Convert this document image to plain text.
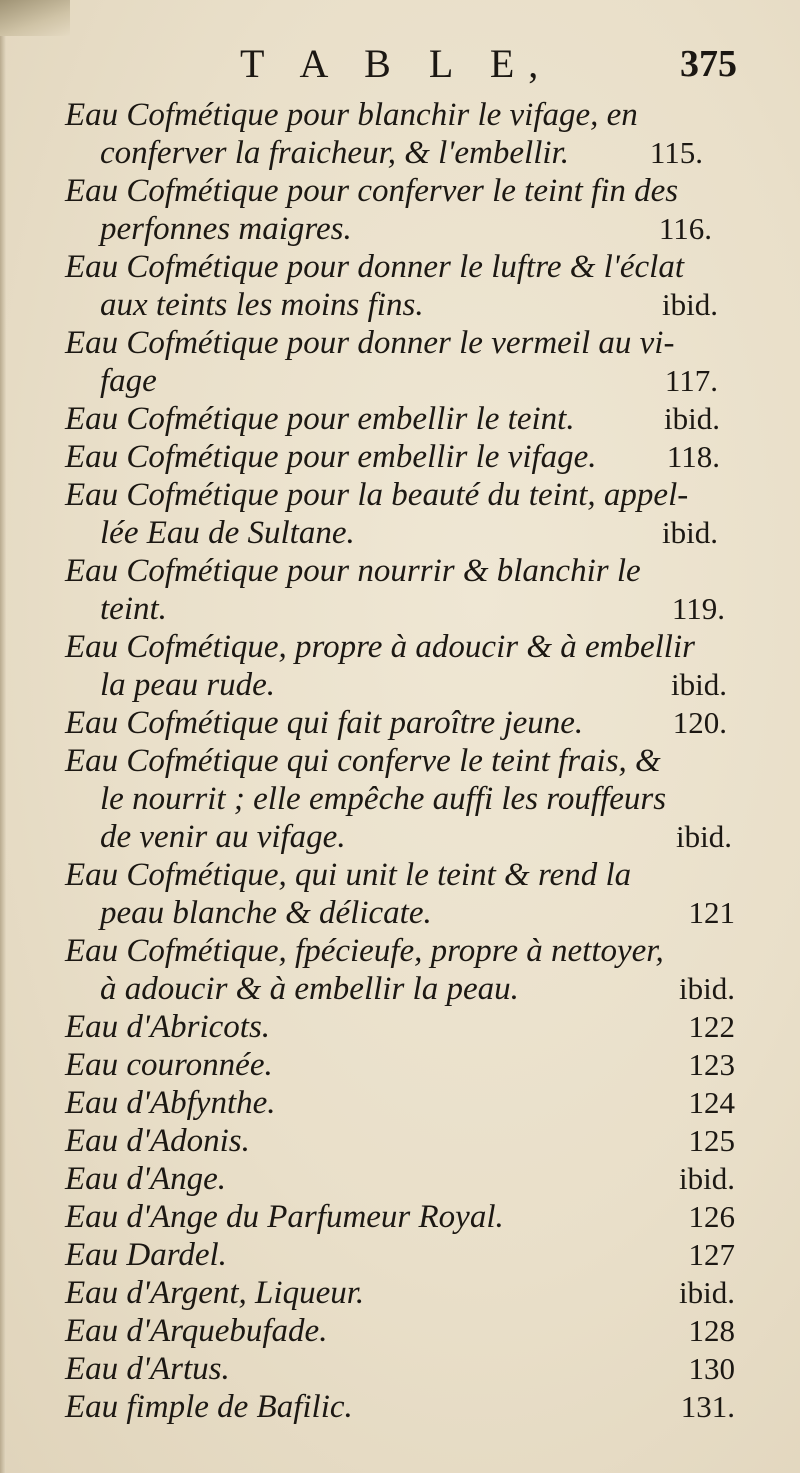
T A B L E,	375
Eau Cofmétique pour blanchir le vifage, en
conferver la fraicheur, & l'embellir.	115.
Eau Cofmétique pour conferver le teint fin des
perfonnes maigres.	116.
Eau Cofmétique pour donner le luftre & l'éclat
aux teints les moins fins.	ibid.
Eau Cofmétique pour donner le vermeil au vi-
fage	117.
Eau Cofmétique pour embellir le teint.	ibid.
Eau Cofmétique pour embellir le vifage. 118.
Eau Cofmétique pour la beauté du teint, appel-
lée Eau de Sultane.	ibid.
Eau Cofmétique pour nourrir & blanchir le
teint.	119.
Eau Cofmétique, propre à adoucir & à embellir
la peau rude.	ibid.
Eau Cofmétique qui fait paroître jeune.	120.
Eau Cofmétique qui conferve le teint frais, &
le nourrit ; elle empêche auffi les rouffeurs
de venir au vifage.	ibid.
Eau Cofmétique, qui unit le teint & rend la
peau blanche & délicate.	121
Eau Cofmétique, fpécieufe, propre à nettoyer,
à adoucir & à embellir la peau.	ibid.
Eau d'Abricots.	122
Eau couronnée.	123
Eau d'Abfynthe.	124
Eau d'Adonis.	125
Eau d'Ange.	ibid.
Eau d'Ange du Parfumeur Royal.	126
Eau Dardel.	127
Eau d'Argent, Liqueur.	ibid.
Eau d'Arquebufade.	128
Eau d'Artus.	130
Eau fimple de Bafilic.	131.
